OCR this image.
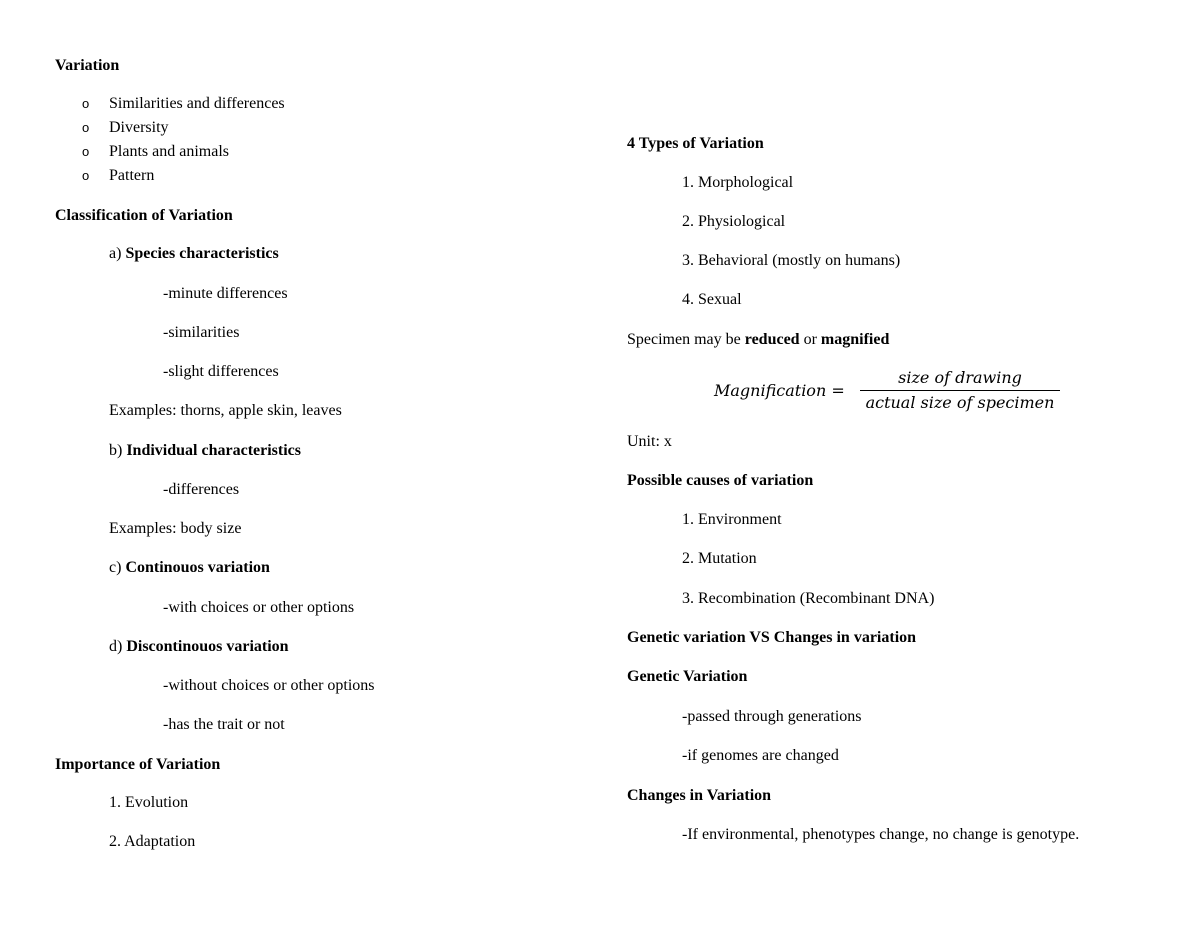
Variation
o Similarities and differences
o Diversity
o Plants and animals
o Pattern
Classification of Variation
a) Species characteristics
-minute differences
-similarities
-slight differences
Examples: thorns, apple skin, leaves
b) Individual characteristics
-differences
Examples: body size
c) Continouos variation
-with choices or other options
d) Discontinouos variation
-without choices or other options
-has the trait or not
Importance of Variation
1. Evolution
2. Adaptation
4 Types of Variation
1. Morphological
2. Physiological
3. Behavioral (mostly on humans)
4. Sexual
Specimen may be reduced or magnified
Magnification =
size of drawing
actual size of specimen
Unit: x
Possible causes of variation
1. Environment
2. Mutation
3. Recombination (Recombinant DNA)
Genetic variation VS Changes in variation
Genetic Variation
-passed through generations
-if genomes are changed
Changes in Variation
-If environmental, phenotypes change, no change is genotype.
